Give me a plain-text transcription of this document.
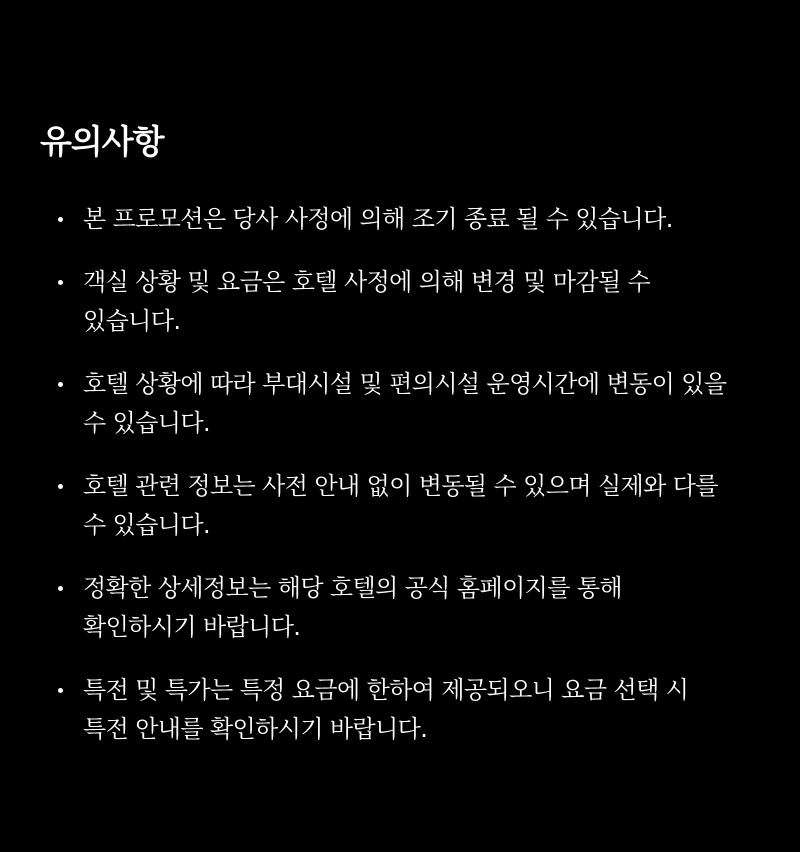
유의사항
본 프로모션은 당사 사정에 의해 조기 종료 될 수 있습니다.
객실 상황 및 요금은 호텔 사정에 의해 변경 및 마감될 수 있습니다.
호텔 상황에 따라 부대시설 및 편의시설 운영시간에 변동이 있을 수 있습니다.
호텔 관련 정보는 사전 안내 없이 변동될 수 있으며 실제와 다를 수 있습니다.
정확한 상세정보는 해당 호텔의 공식 홈페이지를 통해 확인하시기 바랍니다.
특전 및 특가는 특정 요금에 한하여 제공되오니 요금 선택 시 특전 안내를 확인하시기 바랍니다.
